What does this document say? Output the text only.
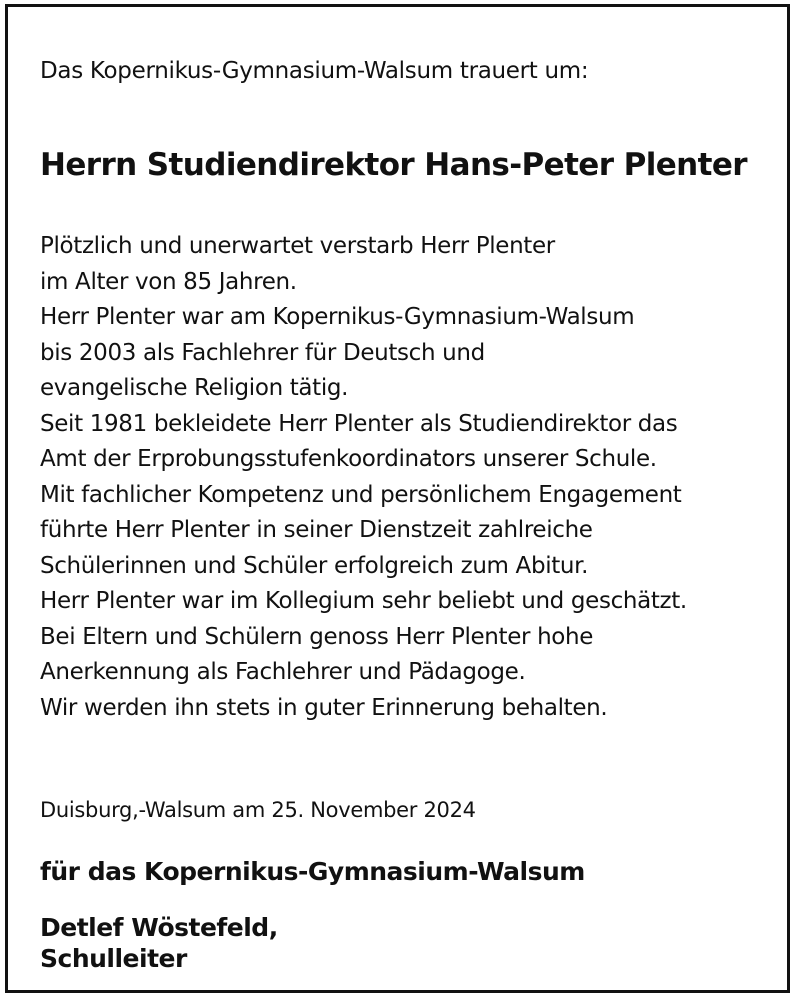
Das Kopernikus-Gymnasium-Walsum trauert um:
Herrn Studiendirektor Hans-Peter Plenter
Plötzlich und unerwartet verstarb Herr Plenter
im Alter von 85 Jahren.
Herr Plenter war am Kopernikus-Gymnasium-Walsum
bis 2003 als Fachlehrer für Deutsch und
evangelische Religion tätig.
Seit 1981 bekleidete Herr Plenter als Studiendirektor das
Amt der Erprobungsstufenkoordinators unserer Schule.
Mit fachlicher Kompetenz und persönlichem Engagement
führte Herr Plenter in seiner Dienstzeit zahlreiche
Schülerinnen und Schüler erfolgreich zum Abitur.
Herr Plenter war im Kollegium sehr beliebt und geschätzt.
Bei Eltern und Schülern genoss Herr Plenter hohe
Anerkennung als Fachlehrer und Pädagoge.
Wir werden ihn stets in guter Erinnerung behalten.
Duisburg,-Walsum am 25. November 2024
für das Kopernikus-Gymnasium-Walsum
Detlef Wöstefeld,
Schulleiter
